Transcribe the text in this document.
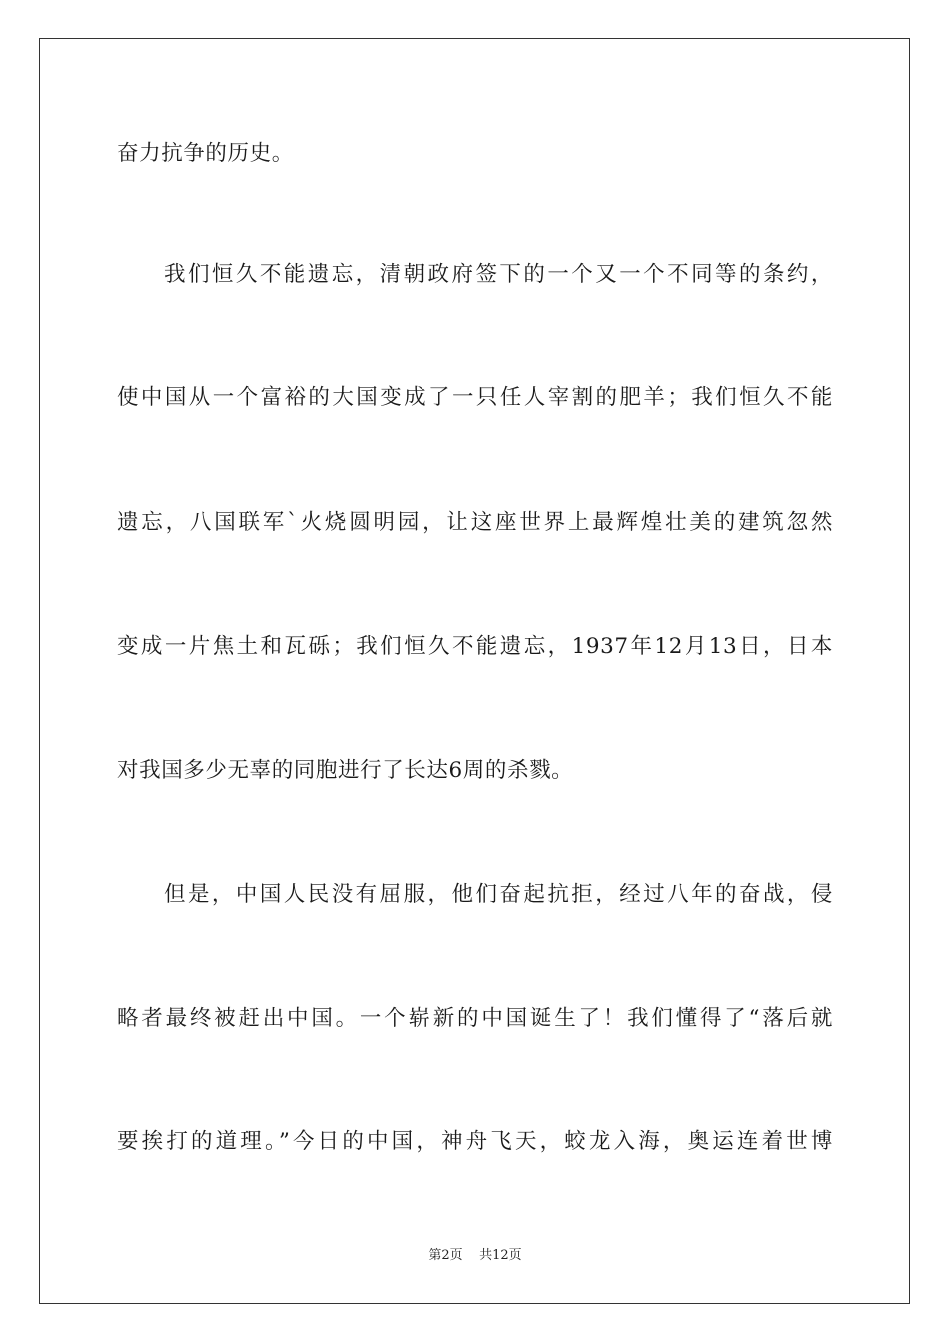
奋力抗争的历史。
我们恒久不能遗忘，清朝政府签下的一个又一个不同等的条约，
使中国从一个富裕的大国变成了一只任人宰割的肥羊；我们恒久不能
遗忘，八国联军`火烧圆明园，让这座世界上最辉煌壮美的建筑忽然
变成一片焦土和瓦砾；我们恒久不能遗忘，1937年12月13日，日本
对我国多少无辜的同胞进行了长达6周的杀戮。
但是，中国人民没有屈服，他们奋起抗拒，经过八年的奋战，侵
略者最终被赶出中国。一个崭新的中国诞生了！我们懂得了“落后就
要挨打的道理。”今日的中国，神舟飞天，蛟龙入海，奥运连着世博
第2页 共12页
